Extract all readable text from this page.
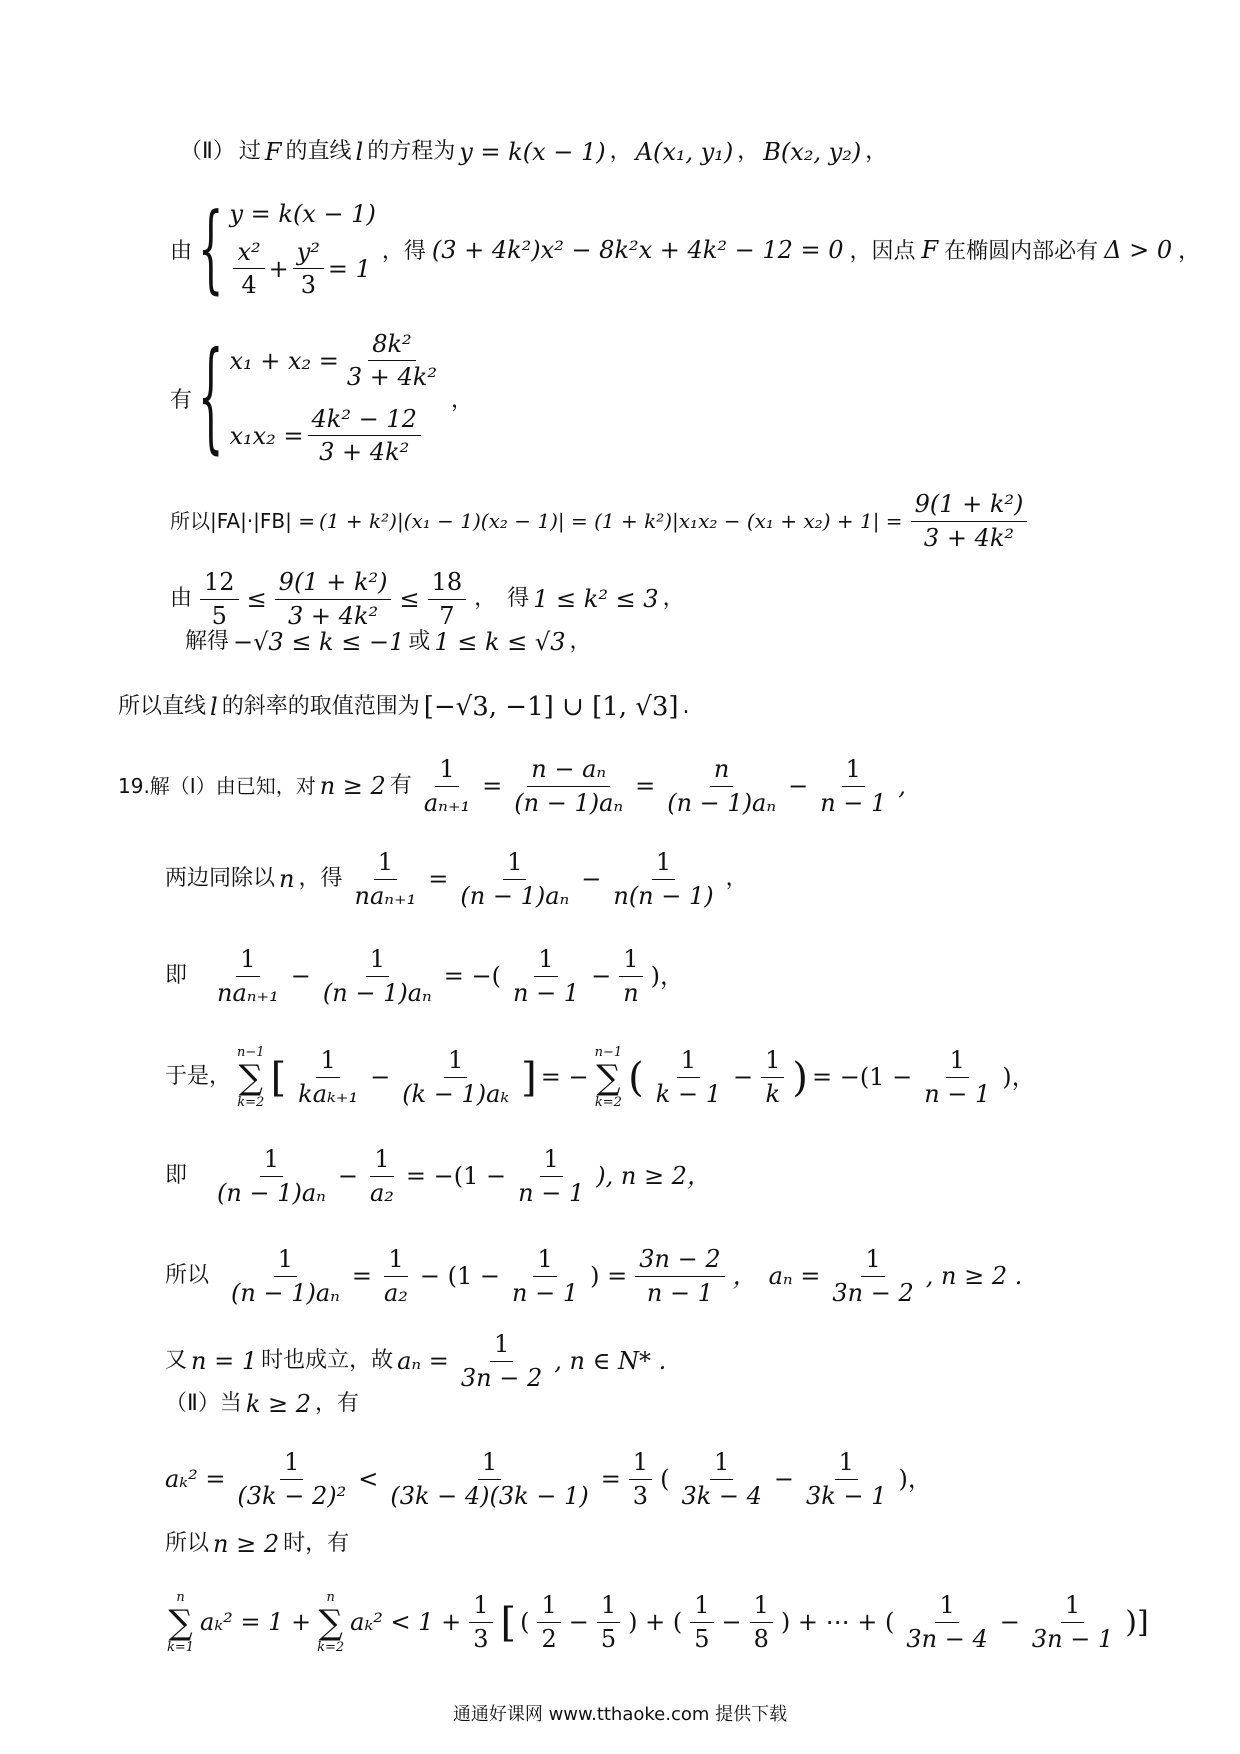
（Ⅱ） 过 F 的直线 l 的方程为 y = k(x − 1) ， A(x₁, y₁) ， B(x₂, y₂) ，
由 { y = k(x − 1)
$\frac{\text{x²}}{4} + \frac{\text{y²}}{3} = 1$
，得 (3 + 4k²)x² − 8k²x + 4k² − 12 = 0 ，因点 F 在椭圆内部必有 Δ > 0 ，
有 { $x_1 + x_2 = \frac{\text{8k²}}{\text{3 + 4k²}}$
$x_1x_2 = \frac{\text{4k² − 12}}{\text{3 + 4k²}}$
，
所以$|FA|\cdot|FB| = (1 + k^2)|(x_1 - 1)(x_2 - 1)| = (1 + k^2)|x_1x_2 - (x_1 + x_2) + 1| = \frac{\text{9(1 + k²)}}{\text{3 + 4k²}}$
由 $\frac{12}{5} \le \frac{\text{9(1 + k²)}}{\text{3 + 4k²}} \le \frac{18}{7}$ ，　得 1 ≤ k² ≤ 3 ，
解得 −√3 ≤ k ≤ −1 或 1 ≤ k ≤ √3 ，
所以直线 l 的斜率的取值范围为 [−√3, −1] ∪ [1, √3] .
19.解（Ⅰ）由已知，对 n ≥ 2 有 $\frac{1}{\text{aₙ₊₁}} = \frac{\text{n − aₙ}}{\text{(n − 1)aₙ}} = \frac{n}{\text{(n − 1)aₙ}} - \frac{1}{n - 1}$ ,
两边同除以 n ，得 $\frac{1}{\text{naₙ₊₁}} = \frac{1}{\text{(n − 1)aₙ}} - \frac{1}{n(n - 1)}$ ，
即 $\frac{1}{\text{naₙ₊₁}} - \frac{1}{\text{(n − 1)aₙ}}$ = −( $\frac{1}{n - 1} - \frac{1}{n}$ )，
于是，
n−1
∑
k=2
[ $\frac{1}{\text{kaₖ₊₁}} - \frac{1}{\text{(k − 1)aₖ}}$ ] = −
n−1
∑
k=2
( $\frac{1}{k - 1} - \frac{1}{k}$ ) = $-(1 - \frac{1}{n - 1}$ )，
即 $\frac{1}{\text{(n − 1)aₙ}} - \frac{1}{\text{a₂}} = -(1 - \frac{1}{n - 1}$ ), n ≥ 2，
所以 $\frac{1}{\text{(n − 1)aₙ}} = \frac{1}{\text{a₂}} - (1 - \frac{1}{n - 1}$ ) = $\frac{3n - 2}{n - 1}$ ，　$a_n = \frac{1}{3n - 2}$ , n ≥ 2 .
又 n = 1 时也成立，故 $a_n = \frac{1}{3n - 2}$ , n ∈ N* .
（Ⅱ）当 k ≥ 2 ，有
$a_k^2 = \frac{1}{\text{(3k − 2)²}} < \frac{1}{(3k - 4)(3k - 1)} = \frac{1}{3}$ ( $\frac{1}{3k - 4} - \frac{1}{3k - 1}$ )，
所以 n ≥ 2 时，有
n
∑
k=1
aₖ² = 1 +
n
∑
k=2
$a_k^2 < 1 + \frac{1}{3}$ [ ( $\frac{1}{2} - \frac{1}{5}$ ) + ( $\frac{1}{5} - \frac{1}{8}$ ) + ⋯ + ( $\frac{1}{3n - 4} - \frac{1}{3n - 1}$ )]
通通好课网 www.tthaoke.com 提供下载
